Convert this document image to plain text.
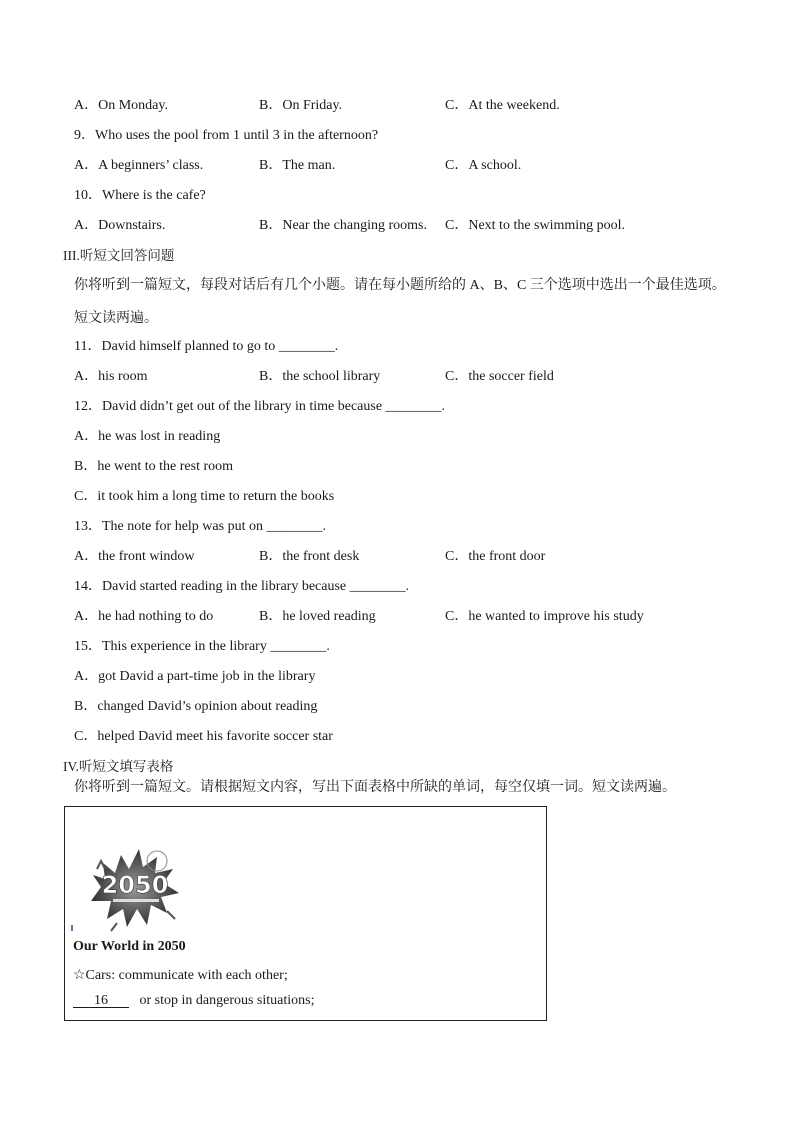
A．On Monday.	B．On Friday.	C．At the weekend.
9．Who uses the pool from 1 until 3 in the afternoon?
A．A beginners’ class.	B．The man.	C．A school.
10．Where is the cafe?
A．Downstairs.	B．Near the changing rooms. C．Next to the swimming pool.
III.听短文回答问题
你将听到一篇短文，每段对话后有几个小题。请在每小题所给的 A、B、C 三个选项中选出一个最佳选项。
短文读两遍。
11．David himself planned to go to ________.
A．his room	B．the school library	C．the soccer field
12．David didn’t get out of the library in time because ________.
A．he was lost in reading
B．he went to the rest room
C．it took him a long time to return the books
13．The note for help was put on ________.
A．the front window	B．the front desk	C．the front door
14．David started reading in the library because ________.
A．he had nothing to do	B．he loved reading	C．he wanted to improve his study
15．This experience in the library ________.
A．got David a part-time job in the library
B．changed David’s opinion about reading
C．helped David meet his favorite soccer star
IV.听短文填写表格
你将听到一篇短文。请根据短文内容，写出下面表格中所缺的单词，每空仅填一词。短文读两遍。
2050
Our World in 2050
☆Cars: communicate with each other;
16 or stop in dangerous situations;
